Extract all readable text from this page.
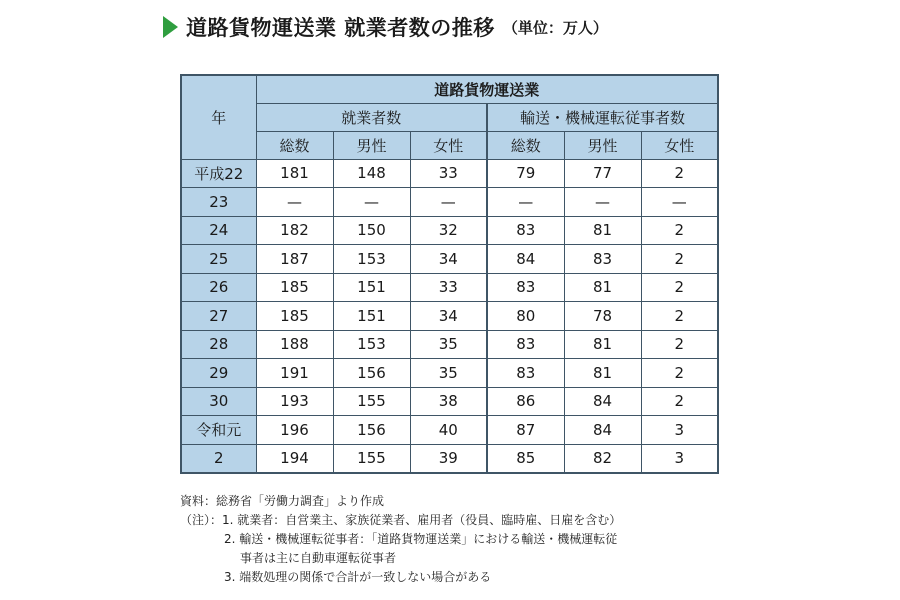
道路貨物運送業 就業者数の推移 （単位：万人）
年	道路貨物運送業					
	就業者数			輸送・機械運転従事者数		
	総数	男性	女性	総数	男性	女性
平成22	181	148	33	79	77	2
23	—	—	—	—	—	—
24	182	150	32	83	81	2
25	187	153	34	84	83	2
26	185	151	33	83	81	2
27	185	151	34	80	78	2
28	188	153	35	83	81	2
29	191	156	35	83	81	2
30	193	155	38	86	84	2
令和元	196	156	40	87	84	3
2	194	155	39	85	82	3
資料：総務省「労働力調査」より作成
（注）：1. 就業者：自営業主、家族従業者、雇用者（役員、臨時雇、日雇を含む）
2. 輸送・機械運転従事者：「道路貨物運送業」における輸送・機械運転従
事者は主に自動車運転従事者
3. 端数処理の関係で合計が一致しない場合がある
